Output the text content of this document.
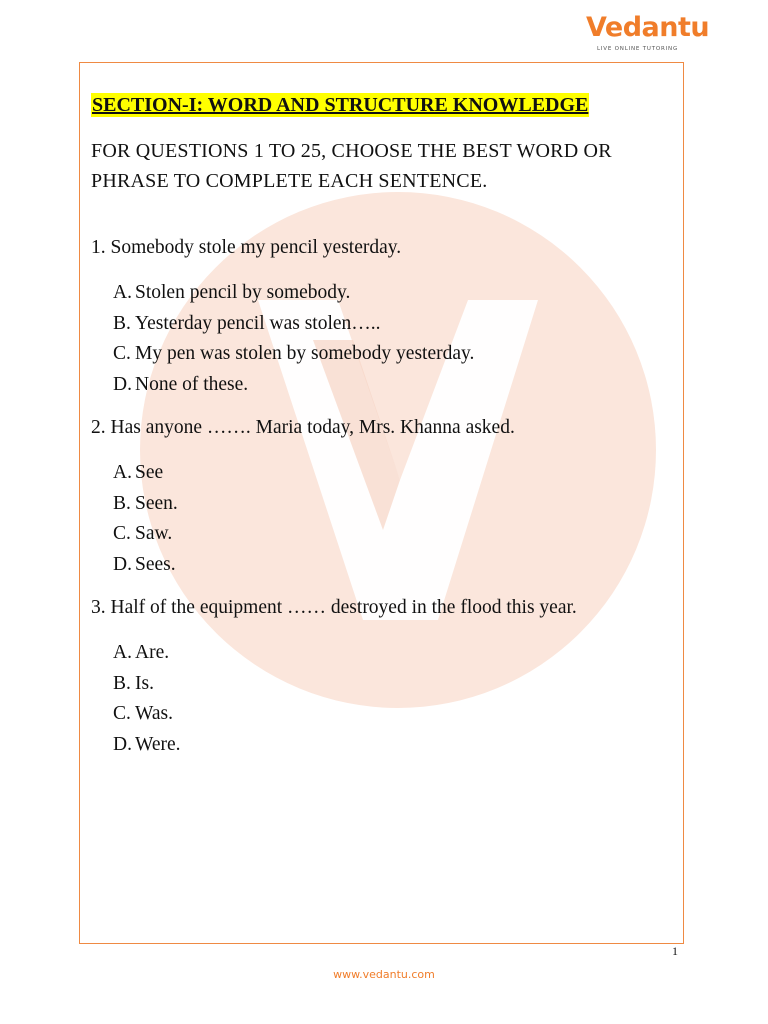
Vedantu
LIVE ONLINE TUTORING
SECTION-I: WORD AND STRUCTURE KNOWLEDGE
FOR QUESTIONS 1 TO 25, CHOOSE THE BEST WORD OR
PHRASE TO COMPLETE EACH SENTENCE.
1. Somebody stole my pencil yesterday.
A. Stolen pencil by somebody.
B. Yesterday pencil was stolen…..
C. My pen was stolen by somebody yesterday.
D. None of these.
2. Has anyone ……. Maria today, Mrs. Khanna asked.
A. See
B. Seen.
C. Saw.
D. Sees.
3. Half of the equipment …… destroyed in the flood this year.
A. Are.
B. Is.
C. Was.
D. Were.
1
www.vedantu.com
